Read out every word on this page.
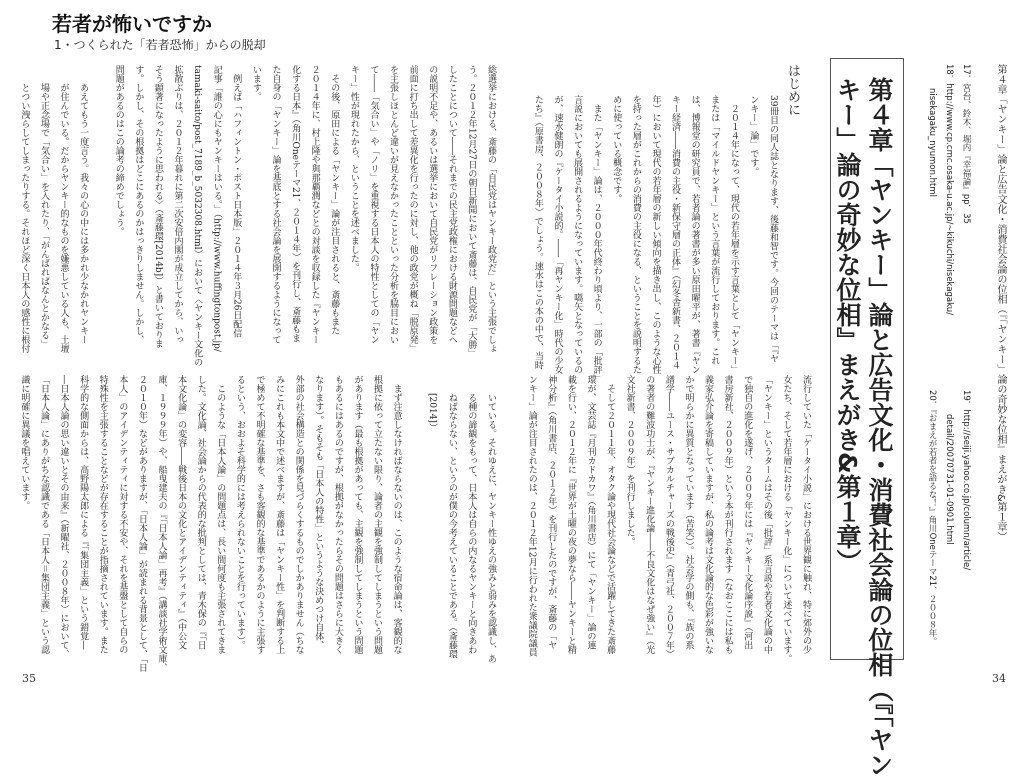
若者が怖いですか
1・つくられた「若者恐怖」からの脱却
総選挙における、斎藤の「自民党はヤンキー政党だ」という主張でしょ
う。２０１２年12月27日の朝日新聞において斎藤は、自民党が「大勝」
したことについて――それまでの民主党政権における財源問題などへ
の説明不足や、あるいは選挙において自民党がリフレーション政策を
前面に打ち出して差異化を行ったのに対し、他の政党が概ね「脱原発」
を主張しほとんど違いが見えなかったことといった分析を脇目におい
て――「気合い」や「ノリ」を重視する日本人の特性としての「ヤン
キー」性が現れたから、ということを述べました。
　その後、原田による「ヤンキー」論が注目されると、斎藤もまた
２０１４年に、村上隆や與那覇潤などとの対談を収録した『ヤンキー
化する日本』（角川Oneテーマ21、２０１４年）を刊行し、斎藤もま
た自身の「ヤンキー」論を基底とする社会論を展開するようになって
います。
　例えば「ハフィントン・ポスト日本版」２０１４年３月26日配信
記事「誰の心にもヤンキーはいる。」（http://www.huffingtonpost.jp/
tamaki-saito/post_7189_b_5032308.html）において〈ヤンキー文化の
拡散ぶりは、２０１２年暮れに第二次安倍内閣が成立してから、いっ
そう顕著になったように思われる〉（斎藤環[2014b]）と書いておりま
す。しかし、その根拠はどこにあるのかはっきりしません。しかし、
問題があるのはこの論考の締めでしょう。
あえてもう一度言う。我々の心の中には多かれ少なかれヤンキー
が住んでいる。だからヤンキー的なものを嫌悪している人も、土壇
場や正念場で「気合い」を入れたり、「がんばればなんとかなる」
とつい洩らしてしまったりする。それほど深く日本人の感性に根付
いている。それゆえに、ヤンキー性ゆえの強みと弱みを認識し、あ
る種の諦観をもって、日本人は自らの内なるヤンキーと向きあわ
ねばならない、というのが僕の今考えていることである。（斎藤環
[2014]）
　まず注意しなければならないのは、このような宿命論は、客観的な
根拠に依って立たない限り、論者の主観を強制してしまうという問題
があります（最も根拠があっても、主観を強制してしまうという問題
もあるにはあるのですが、根拠がなかったらその問題はさらに大きく
なります）。そもそも「日本人の特性」というような決めつけ自体、
外部の社会構造との関係を見づらくするものでしかありません（ちな
みにこれも本文中で述べますが、斎藤は「ヤンキー性」を判断する上
で極めて不明確な基準を、さも客観的な基準であるかのように主張す
るという、おおよそ科学的には考えられないことを行っています）。
　このような「日本人論」の問題点は、長い間何度も主張されてきま
した。文化論、社会論からの代表的な批判としては、青木保の『「日
本文化論」の変容――戦後日本の文化とアイデンティティ』（中公文
庫、１９９９年）や、船曳建夫の『「日本人論」再考』（講談社学術文庫、
２０１０年）などがありますが、「日本人論」が読まれる背景として、「日
本人」のアイデンティティに対する不安や、それを基盤として自らの
特殊性を主張することなどが存在することが指摘されています。また
科学的な側面からは、高野陽太郎による『「集団主義」という錯覚―
―日本人論の思い違いとその由来』（新曜社、２００８年）において、
「日本人論」にありがちな認識である「日本人＝集団主義」という認
識に明確に異議を唱えています。
35	34
第４章「ヤンキー」論と広告文化・消費社会論の位相（『「ヤンキー」論の奇妙な位相』まえがき&第１章）
17．宮台、鈴木、堀内『幸福論』pp．35
18．http://www.cp.cmc.osaka-u.ac.jp/~kikuchi/nisekagaku/
nisekagaku_nyumon.html
19．http://seiji.yahoo.co.jp/column/article/
detail/20070731-01-0901.html
20．『おまえが若者を語るな！』角川Oneテーマ21、２００８年。
第４章「ヤンキー」論と広告文化・消費社会論の位相（『「ヤン
キー」論の奇妙な位相』まえがき&第１章）
はじめに
39冊目の同人誌となります、後藤和智です。今回のテーマは「『ヤ
ンキー」論」です。
　２０１４年になって、現代の若年層を示す言葉として「ヤンキー」
または「マイルドヤンキー」という言葉が流行しております。これ
は、博報堂の研究員で、若者論の著書が多い原田曜平が、著書『ヤン
キー経済――消費の主役・新保守層の正体』（幻冬舎新書、２０１４
年）において現代の若年層の新しい傾向を描き出し、このような心性
を持った層がこれからの消費の主役になる、ということを説明するた
めに使っている概念です。
　また「ヤンキー」論は、２０００年代終わり頃より、一部の「批評」
言説においても展開されるようになっています。嚆矢となっているの
が、速水健朗の『ケータイ小説的。――「再ヤンキー化」時代の少女
たち』（原書房、２００８年）でしょう。速水はこの本の中で、当時
流行していた「ケータイ小説」における世界観に触れ、特に郊外の少
女たち、そして若年層における「ヤンキー化」について述べています。
「ヤンキー」というタームはその後「批評」系言説や若者文化論の中
で独自の進化を遂げ、２００９年には『ヤンキー文化論序説』（河出
書房新社、２００９年）という本が刊行されます（なおここには私も
義家弘介論を寄稿していますが、私の論考は文化論的な色彩が強いな
かで明らかに異質となっています（苦笑））。社会学の側も、『族の系
譜学――ユース・サブカルチャーズの戦後史』（青弓社、２００７年）
の著者の難波功士が、『ヤンキー進化論――不良文化はなぜ強い』（光
文社新書、２００９年）を刊行しました。
　そして２０１１年、オタク論や現代社会論などで活躍してきた斎藤
環が、文芸誌『月刊カドカワ』（角川書店）にて「ヤンキー」論の連
載を行い、２０１２年に『世界が土曜の夜の夢なら――ヤンキーと精
神分析』（角川書店、２０１２年）を刊行したのですが、斎藤の「ヤ
ンキー」論が注目されたのは、２０１２年12月に行われた衆議院議員
